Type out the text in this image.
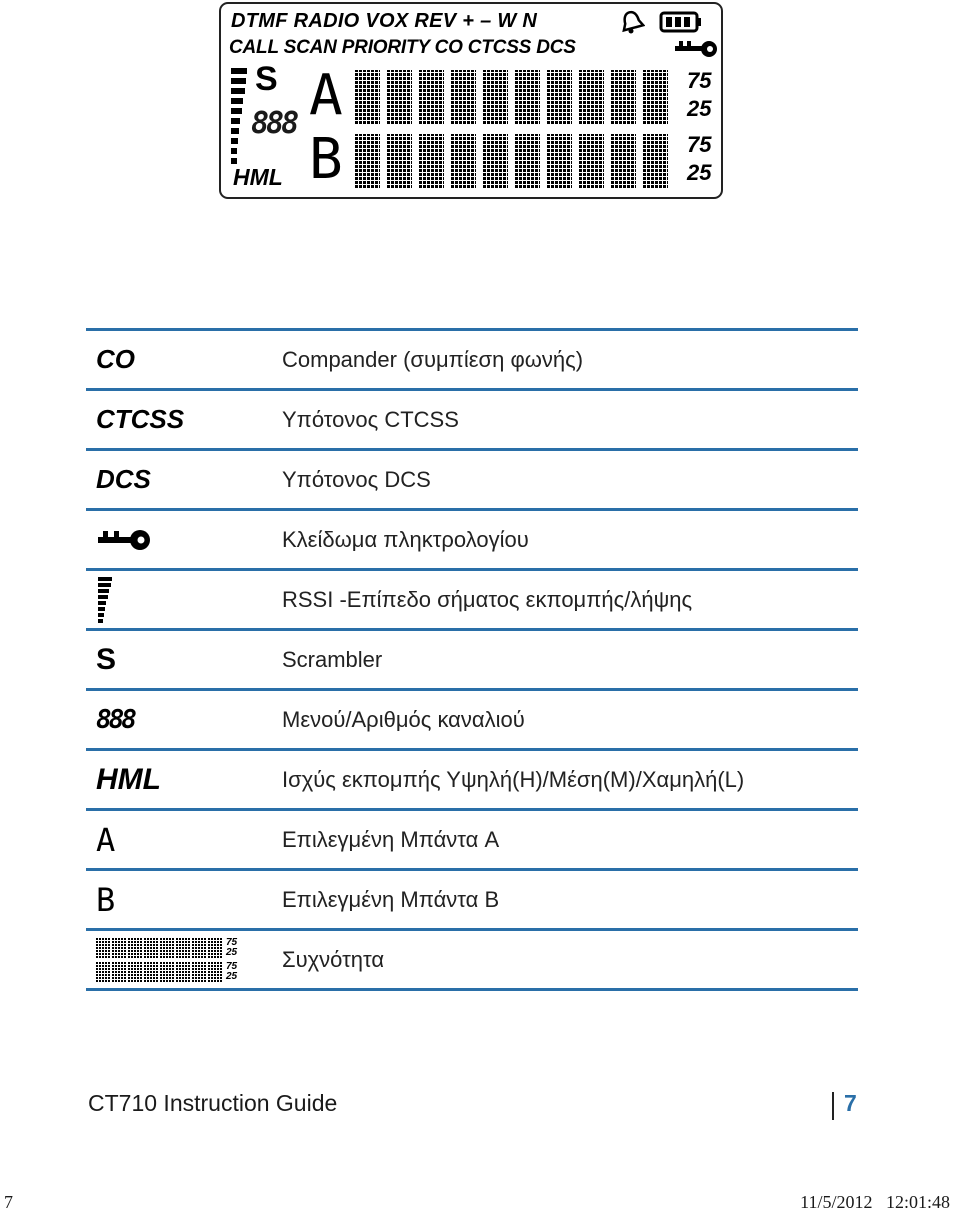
DTMF RADIO VOX REV + – W N
CALL SCAN PRIORITY CO CTCSS DCS
S
888 A
B
75
25
75
25
HML
CO	Compander (συμπίεση φωνής)
CTCSS	Υπότονος CTCSS
DCS	Υπότονος DCS
Κλείδωμα πληκτρολογίου
RSSI -Επίπεδο σήματος εκπομπής/λήψης
S	Scrambler
888	Μενού/Αριθμός καναλιού
HML	Ισχύς εκπομπής Υψηλή(H)/Μέση(M)/Χαμηλή(L)
A	Επιλεγμένη Μπάντα A
B	Επιλεγμένη Μπάντα B
75
25
75
25
Συχνότητα
CT710 Instruction Guide	7
7	11/5/2012   12:01:48
